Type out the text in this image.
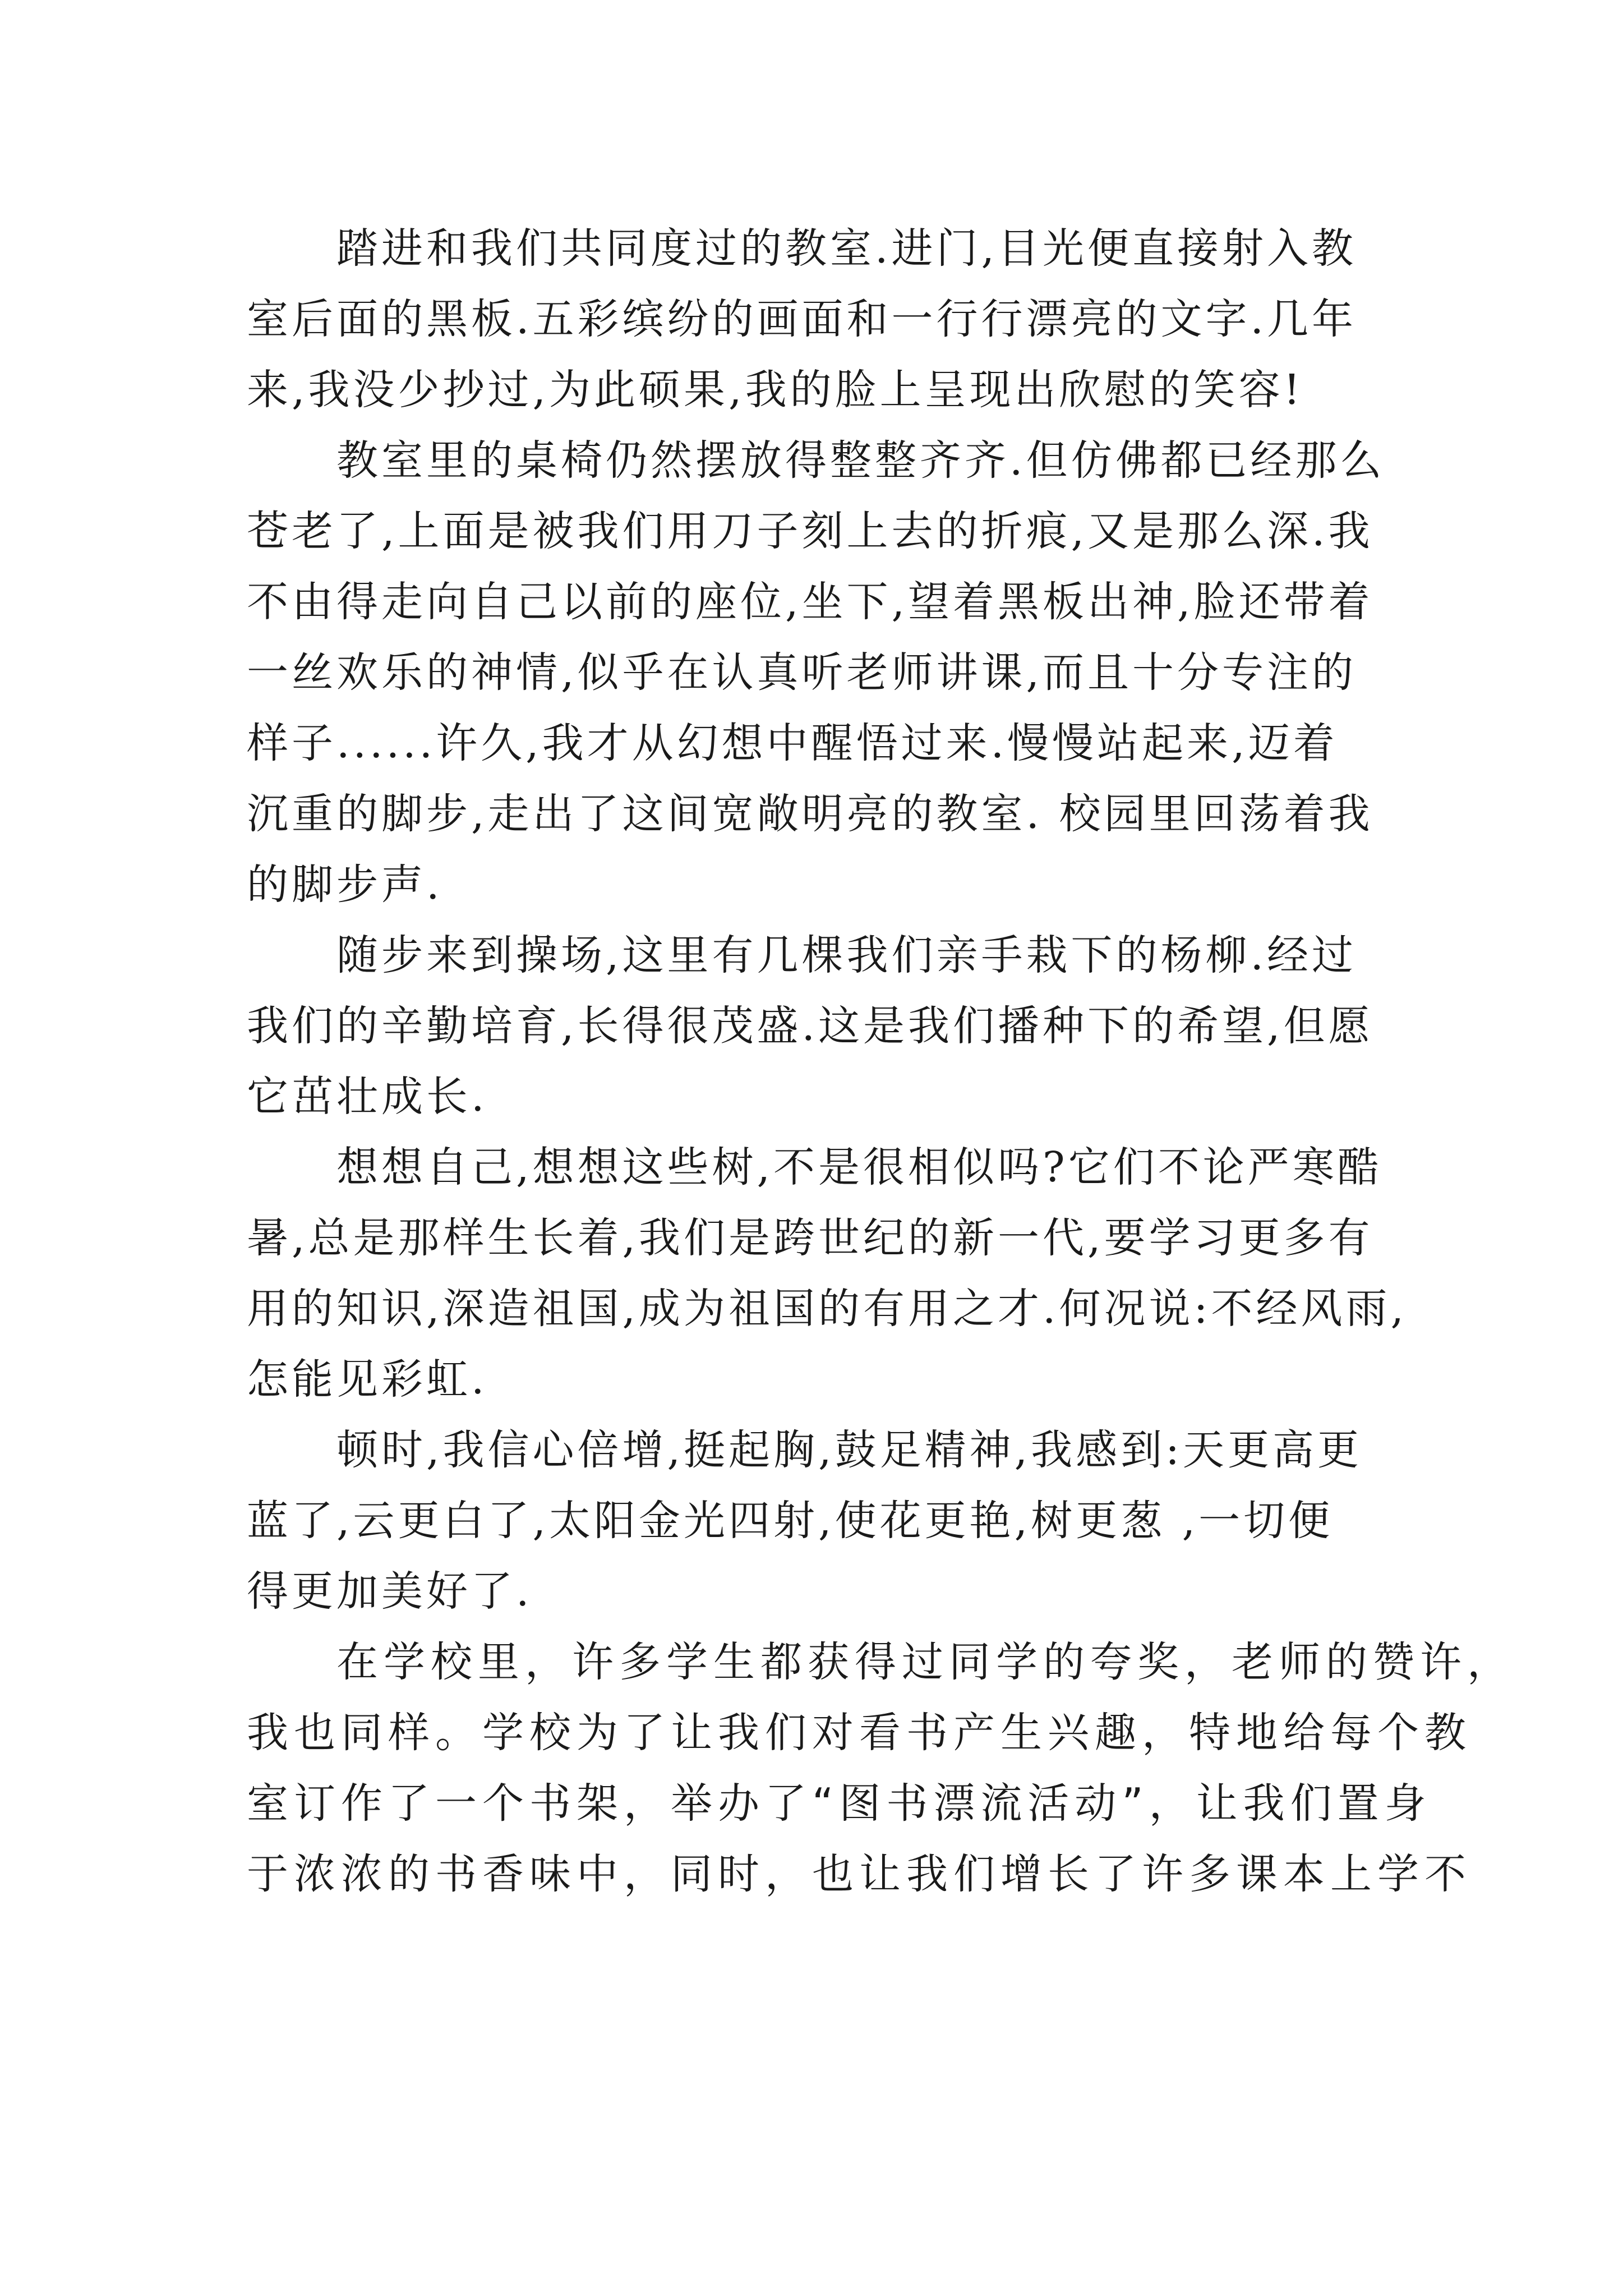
踏进和我们共同度过的教室.进门,目光便直接射入教
室后面的黑板.五彩缤纷的画面和一行行漂亮的文字.几年
来,我没少抄过,为此硕果,我的脸上呈现出欣慰的笑容!
教室里的桌椅仍然摆放得整整齐齐.但仿佛都已经那么
苍老了,上面是被我们用刀子刻上去的折痕,又是那么深.我
不由得走向自己以前的座位,坐下,望着黑板出神,脸还带着
一丝欢乐的神情,似乎在认真听老师讲课,而且十分专注的
样子......许久,我才从幻想中醒悟过来.慢慢站起来,迈着
沉重的脚步,走出了这间宽敞明亮的教室. 校园里回荡着我
的脚步声.
随步来到操场,这里有几棵我们亲手栽下的杨柳.经过
我们的辛勤培育,长得很茂盛.这是我们播种下的希望,但愿
它茁壮成长.
想想自己,想想这些树,不是很相似吗?它们不论严寒酷
暑,总是那样生长着,我们是跨世纪的新一代,要学习更多有
用的知识,深造祖国,成为祖国的有用之才.何况说:不经风雨,
怎能见彩虹.
顿时,我信心倍增,挺起胸,鼓足精神,我感到:天更高更
蓝了,云更白了,太阳金光四射,使花更艳,树更葱 ,一切便
得更加美好了.
在学校里，许多学生都获得过同学的夸奖，老师的赞许，
我也同样。学校为了让我们对看书产生兴趣，特地给每个教
室订作了一个书架，举办了“图书漂流活动”，让我们置身
于浓浓的书香味中，同时，也让我们增长了许多课本上学不
